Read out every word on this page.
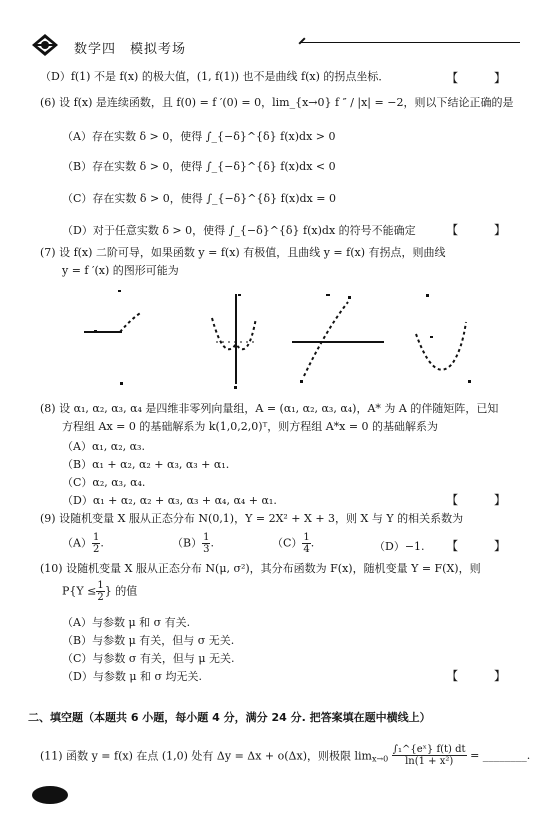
数学四　模拟考场
（D）f(1) 不是 f(x) 的极大值，(1, f(1)) 也不是曲线 f(x) 的拐点坐标．	【 】
(6) 设 f(x) 是连续函数，且 f(0) = f ′(0) = 0，lim_{x→0} f ″ / |x| = −2，则以下结论正确的是
（A）存在实数 δ > 0，使得 ∫_{−δ}^{δ} f(x)dx > 0
（B）存在实数 δ > 0，使得 ∫_{−δ}^{δ} f(x)dx < 0
（C）存在实数 δ > 0，使得 ∫_{−δ}^{δ} f(x)dx = 0
（D）对于任意实数 δ > 0，使得 ∫_{−δ}^{δ} f(x)dx 的符号不能确定	【 】
(7) 设 f(x) 二阶可导，如果函数 y = f(x) 有极值，且曲线 y = f(x) 有拐点，则曲线
y = f ′(x) 的图形可能为
(8) 设 α₁, α₂, α₃, α₄ 是四维非零列向量组，A = (α₁, α₂, α₃, α₄)，A* 为 A 的伴随矩阵，已知
方程组 Ax = 0 的基础解系为 k(1,0,2,0)ᵀ，则方程组 A*x = 0 的基础解系为
（A）α₁, α₂, α₃.
（B）α₁ + α₂, α₂ + α₃, α₃ + α₁.
（C）α₂, α₃, α₄.
（D）α₁ + α₂, α₂ + α₃, α₃ + α₄, α₄ + α₁.	【 】
(9) 设随机变量 X 服从正态分布 N(0,1)，Y = 2X² + X + 3，则 X 与 Y 的相关系数为
$(A) \frac{1}{2}$ .	$(B) \frac{1}{3}$ .	$(C) \frac{1}{4}$ .	（D）−1. 【 】
(10) 设随机变量 X 服从正态分布 N(μ, σ²)，其分布函数为 F(x)，随机变量 Y = F(X)，则
$P\{Y \le \frac{1}{2}$ } 的值
（A）与参数 μ 和 σ 有关.
（B）与参数 μ 有关，但与 σ 无关.
（C）与参数 σ 有关，但与 μ 无关.
（D）与参数 μ 和 σ 均无关.	【 】
二、填空题（本题共 6 小题，每小题 4 分，满分 24 分. 把答案填在题中横线上）
(11) 函数 y = f(x) 在点 (1,0) 处有 Δy = Δx + o(Δx)，则极限 $\lim_{x\to 0} \frac{\text{∫₁\textasciicircum{}\{eˣ\} f(t) dt}}{\text{ln(1 + x²)}}$ = ________.
